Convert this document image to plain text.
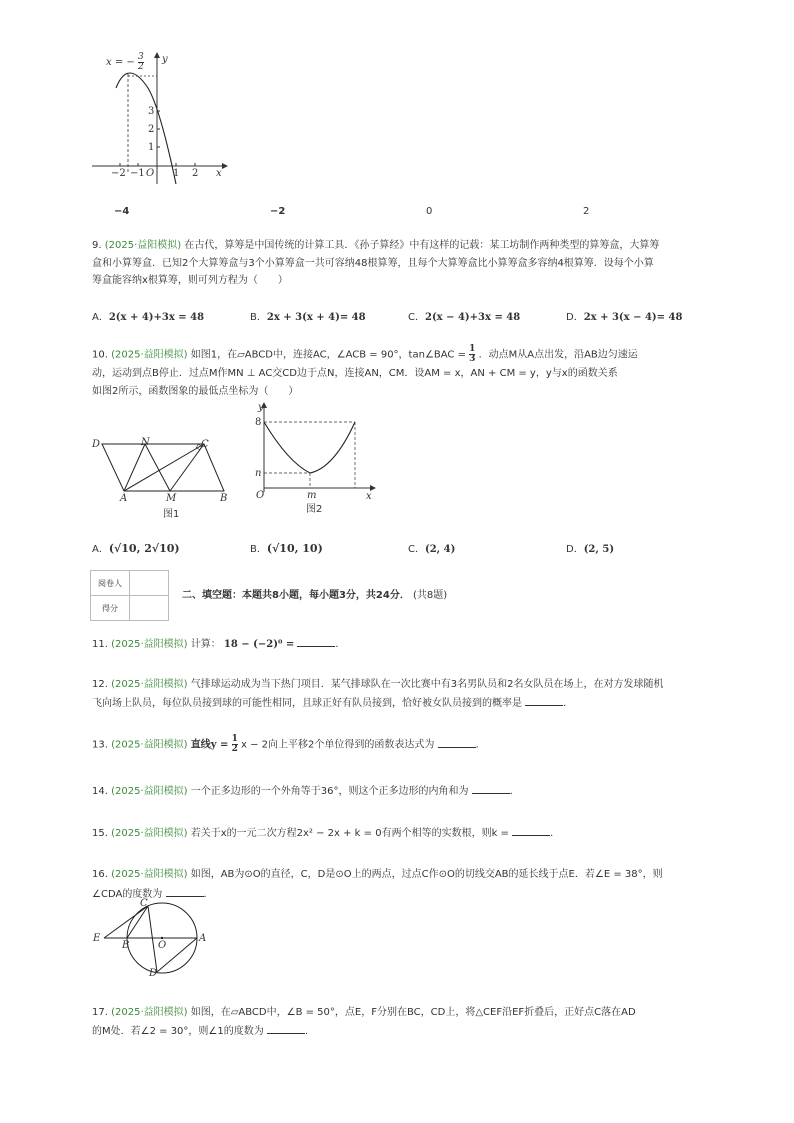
x = − $\frac{3}{2}$ y
x
O
−2 −1	1 2
3
2
1
−4	−2	0	2
9. (2025·益阳模拟) 在古代，算筹是中国传统的计算工具．《孙子算经》中有这样的记载：某工坊制作两种类型的算筹盒，大算筹
盒和小算筹盒．已知2个大算筹盒与3个小算筹盒一共可容纳48根算筹，且每个大算筹盒比小算筹盒多容纳4根算筹．设每个小算
筹盒能容纳x根算筹，则可列方程为（　　）
A．2(x + 4)+3x = 48	B．2x + 3(x + 4)= 48	C．2(x − 4)+3x = 48	D．2x + 3(x − 4)= 48
10. (2025·益阳模拟) 如图1，在▱ABCD中，连接AC，∠ACB = 90°，tan∠BAC = $\frac{1}{3}$ ．动点M从A点出发，沿AB边匀速运
动，运动到点B停止．过点M作MN ⊥ AC交CD边于点N，连接AN，CM．设AM = x，AN + CM = y，y与x的函数关系
如图2所示，函数图象的最低点坐标为（　　）
D	N	C
A	M	B
图1
y
8
n
O	m	x
图2
A．(√10, 2√10)	B．(√10, 10)	C．(2, 4)	D．(2, 5)
阅卷人	
得分	
二、填空题：本题共8小题，每小题3分，共24分． (共8题)
11. (2025·益阳模拟) 计算： 18 − (−2)⁰ =	．
12. (2025·益阳模拟) 气排球运动成为当下热门项目．某气排球队在一次比赛中有3名男队员和2名女队员在场上，在对方发球随机
飞向场上队员，每位队员接到球的可能性相同，且球正好有队员接到，恰好被女队员接到的概率是	．
13. (2025·益阳模拟) 直线$y = \frac{1}{2}$ x − 2向上平移2个单位得到的函数表达式为	．
14. (2025·益阳模拟) 一个正多边形的一个外角等于36°，则这个正多边形的内角和为	．
15. (2025·益阳模拟) 若关于x的一元二次方程2x² − 2x + k = 0有两个相等的实数根，则k =	．
16. (2025·益阳模拟) 如图，AB为⊙O的直径，C，D是⊙O上的两点，过点C作⊙O的切线交AB的延长线于点E．若∠E = 38°，则
∠CDA的度数为	．
C
E
B	O
A
D
17. (2025·益阳模拟) 如图，在▱ABCD中，∠B = 50°，点E，F分别在BC，CD上，将△CEF沿EF折叠后，正好点C落在AD
的M处．若∠2 = 30°，则∠1的度数为	．
